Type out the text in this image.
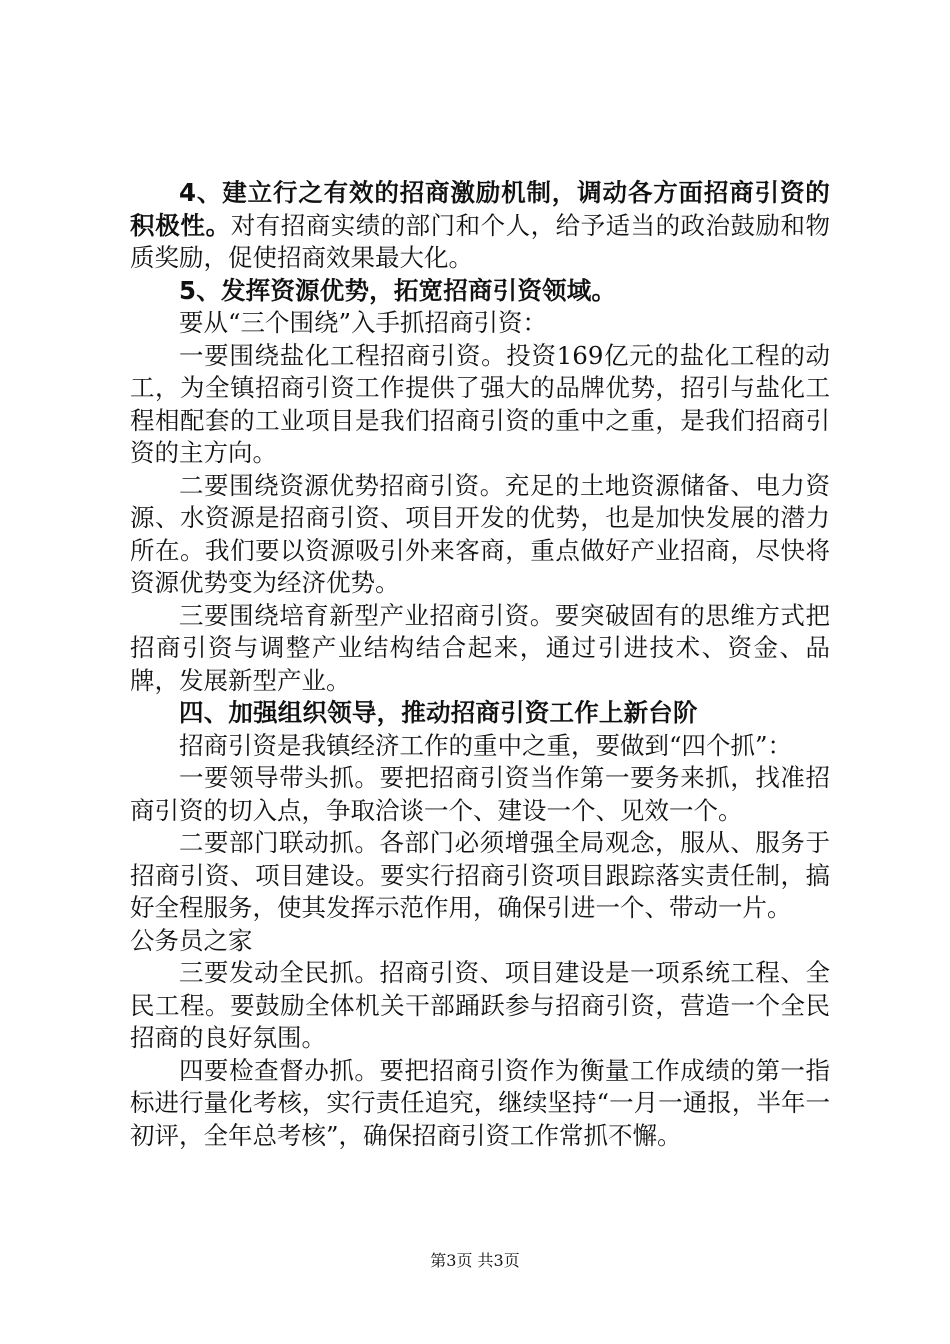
4、建立行之有效的招商激励机制，调动各方面招商引资的积极性。对有招商实绩的部门和个人，给予适当的政治鼓励和物质奖励，促使招商效果最大化。

5、发挥资源优势，拓宽招商引资领域。

要从“三个围绕”入手抓招商引资：

一要围绕盐化工程招商引资。投资169亿元的盐化工程的动工，为全镇招商引资工作提供了强大的品牌优势，招引与盐化工程相配套的工业项目是我们招商引资的重中之重，是我们招商引资的主方向。

二要围绕资源优势招商引资。充足的土地资源储备、电力资源、水资源是招商引资、项目开发的优势，也是加快发展的潜力所在。我们要以资源吸引外来客商，重点做好产业招商，尽快将资源优势变为经济优势。

三要围绕培育新型产业招商引资。要突破固有的思维方式把招商引资与调整产业结构结合起来，通过引进技术、资金、品牌，发展新型产业。

四、加强组织领导，推动招商引资工作上新台阶

招商引资是我镇经济工作的重中之重，要做到“四个抓”：

一要领导带头抓。要把招商引资当作第一要务来抓，找准招商引资的切入点，争取洽谈一个、建设一个、见效一个。

二要部门联动抓。各部门必须增强全局观念，服从、服务于招商引资、项目建设。要实行招商引资项目跟踪落实责任制，搞好全程服务，使其发挥示范作用，确保引进一个、带动一片。

公务员之家

三要发动全民抓。招商引资、项目建设是一项系统工程、全民工程。要鼓励全体机关干部踊跃参与招商引资，营造一个全民招商的良好氛围。

四要检查督办抓。要把招商引资作为衡量工作成绩的第一指标进行量化考核，实行责任追究，继续坚持“一月一通报，半年一初评，全年总考核”，确保招商引资工作常抓不懈。

第3页 共3页
